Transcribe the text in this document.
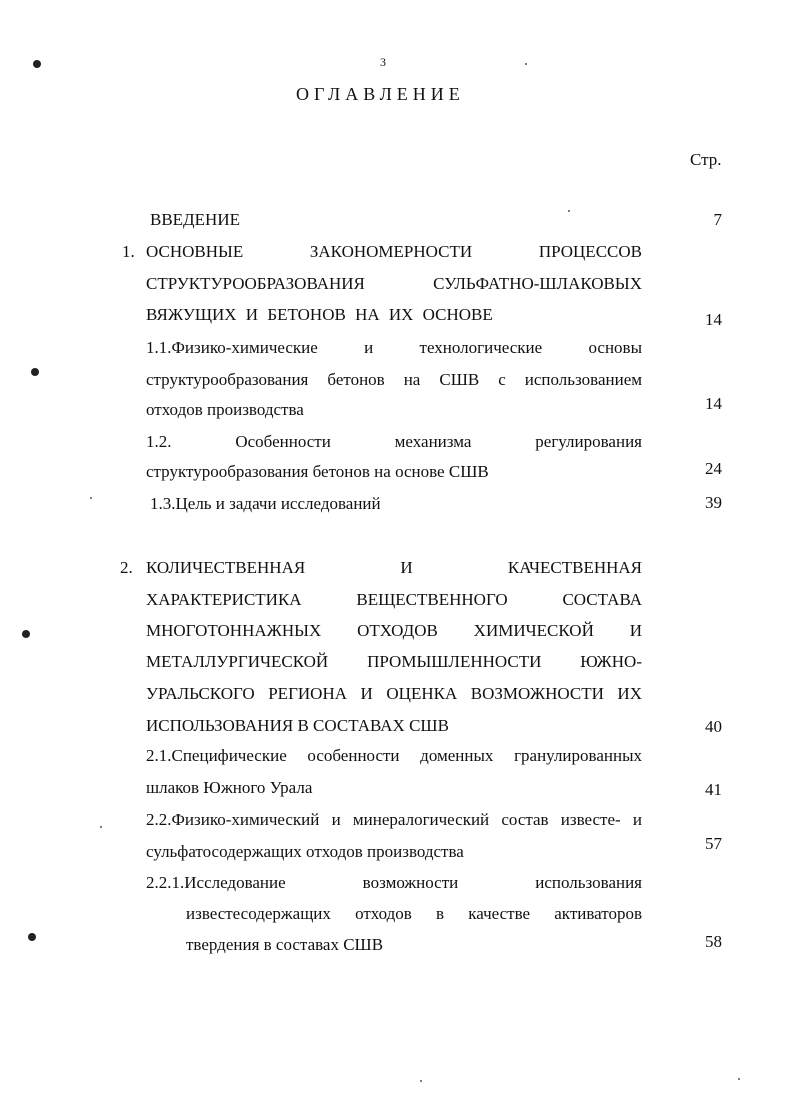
3
ОГЛАВЛЕНИЕ
Стр.
ВВЕДЕНИЕ	7
1. ОСНОВНЫЕ ЗАКОНОМЕРНОСТИ ПРОЦЕССОВ
СТРУКТУРООБРАЗОВАНИЯ СУЛЬФАТНО-ШЛАКОВЫХ
ВЯЖУЩИХ И БЕТОНОВ НА ИХ ОСНОВЕ	14
1.1.Физико-химические и технологические основы
структурообразования бетонов на СШВ с использованием
отходов производства	14
1.2. Особенности механизма регулирования
структурообразования бетонов на основе СШВ	24
1.3.Цель и задачи исследований	39
2. КОЛИЧЕСТВЕННАЯ И КАЧЕСТВЕННАЯ
ХАРАКТЕРИСТИКА ВЕЩЕСТВЕННОГО СОСТАВА
МНОГОТОННАЖНЫХ ОТХОДОВ ХИМИЧЕСКОЙ И
МЕТАЛЛУРГИЧЕСКОЙ ПРОМЫШЛЕННОСТИ ЮЖНО-
УРАЛЬСКОГО РЕГИОНА И ОЦЕНКА ВОЗМОЖНОСТИ ИХ
ИСПОЛЬЗОВАНИЯ В СОСТАВАХ СШВ	40
2.1.Специфические особенности доменных гранулированных
шлаков Южного Урала	41
2.2.Физико-химический и минералогический состав известе- и
сульфатосодержащих отходов производства	57
2.2.1.Исследование возможности использования
известесодержащих отходов в качестве активаторов
твердения в составах СШВ	58
